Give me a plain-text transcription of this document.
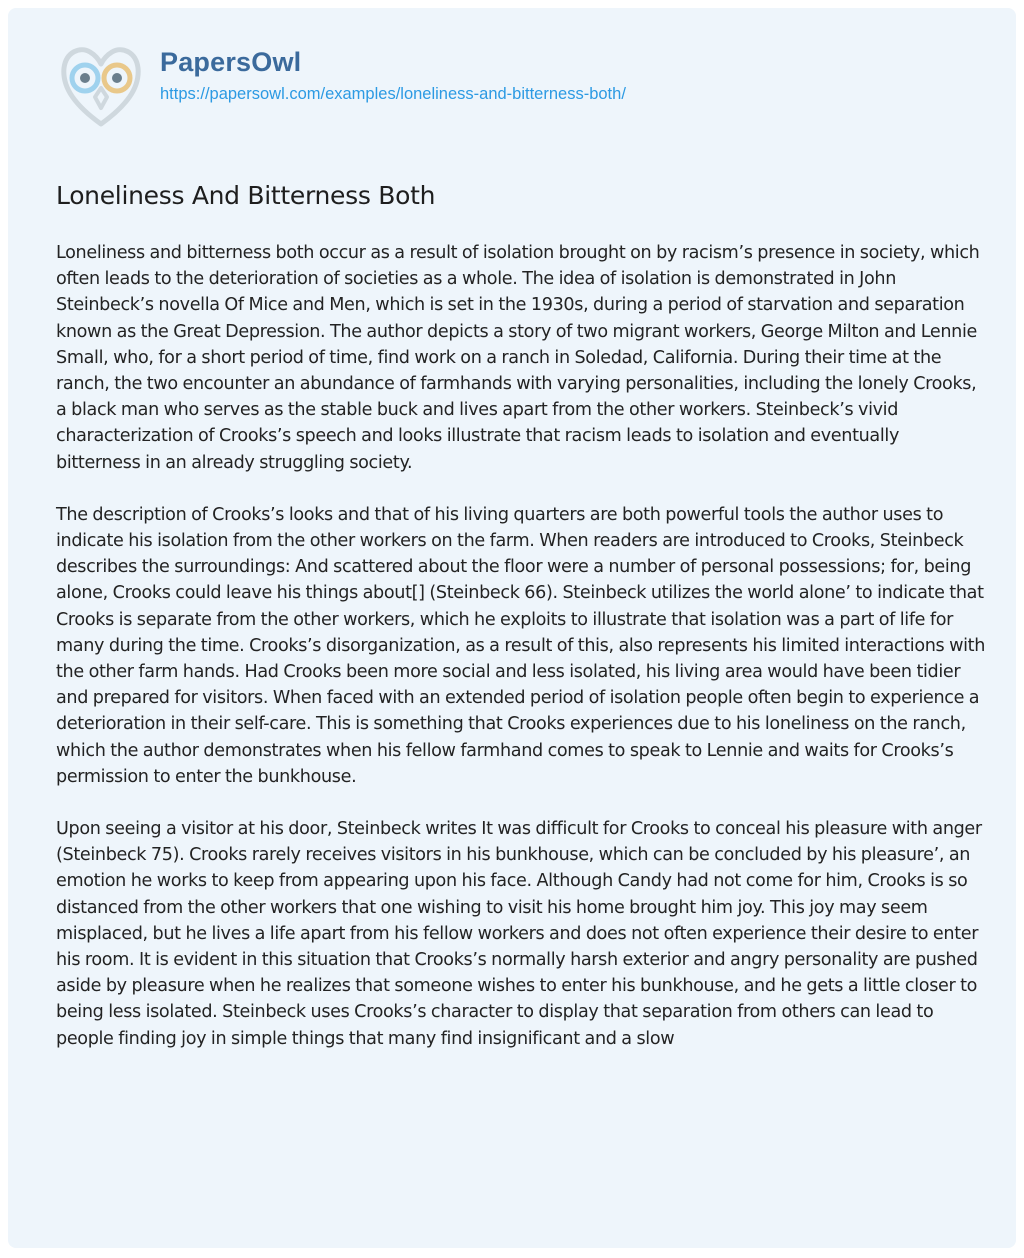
PapersOwl
https://papersowl.com/examples/loneliness-and-bitterness-both/
Loneliness And Bitterness Both

Loneliness and bitterness both occur as a result of isolation brought on by racism’s presence in society, which often leads to the deterioration of societies as a whole. The idea of isolation is demonstrated in John Steinbeck’s novella Of Mice and Men, which is set in the 1930s, during a period of starvation and separation known as the Great Depression. The author depicts a story of two migrant workers, George Milton and Lennie Small, who, for a short period of time, find work on a ranch in Soledad, California. During their time at the ranch, the two encounter an abundance of farmhands with varying personalities, including the lonely Crooks, a black man who serves as the stable buck and lives apart from the other workers. Steinbeck’s vivid characterization of Crooks’s speech and looks illustrate that racism leads to isolation and eventually bitterness in an already struggling society.

The description of Crooks’s looks and that of his living quarters are both powerful tools the author uses to indicate his isolation from the other workers on the farm. When readers are introduced to Crooks, Steinbeck describes the surroundings: And scattered about the floor were a number of personal possessions; for, being alone, Crooks could leave his things about[] (Steinbeck 66). Steinbeck utilizes the world alone’ to indicate that Crooks is separate from the other workers, which he exploits to illustrate that isolation was a part of life for many during the time. Crooks’s disorganization, as a result of this, also represents his limited interactions with the other farm hands. Had Crooks been more social and less isolated, his living area would have been tidier and prepared for visitors. When faced with an extended period of isolation people often begin to experience a deterioration in their self-care. This is something that Crooks experiences due to his loneliness on the ranch, which the author demonstrates when his fellow farmhand comes to speak to Lennie and waits for Crooks’s permission to enter the bunkhouse.

Upon seeing a visitor at his door, Steinbeck writes It was difficult for Crooks to conceal his pleasure with anger (Steinbeck 75). Crooks rarely receives visitors in his bunkhouse, which can be concluded by his pleasure’, an emotion he works to keep from appearing upon his face. Although Candy had not come for him, Crooks is so distanced from the other workers that one wishing to visit his home brought him joy. This joy may seem misplaced, but he lives a life apart from his fellow workers and does not often experience their desire to enter his room. It is evident in this situation that Crooks’s normally harsh exterior and angry personality are pushed aside by pleasure when he realizes that someone wishes to enter his bunkhouse, and he gets a little closer to being less isolated. Steinbeck uses Crooks’s character to display that separation from others can lead to people finding joy in simple things that many find insignificant and a slow
